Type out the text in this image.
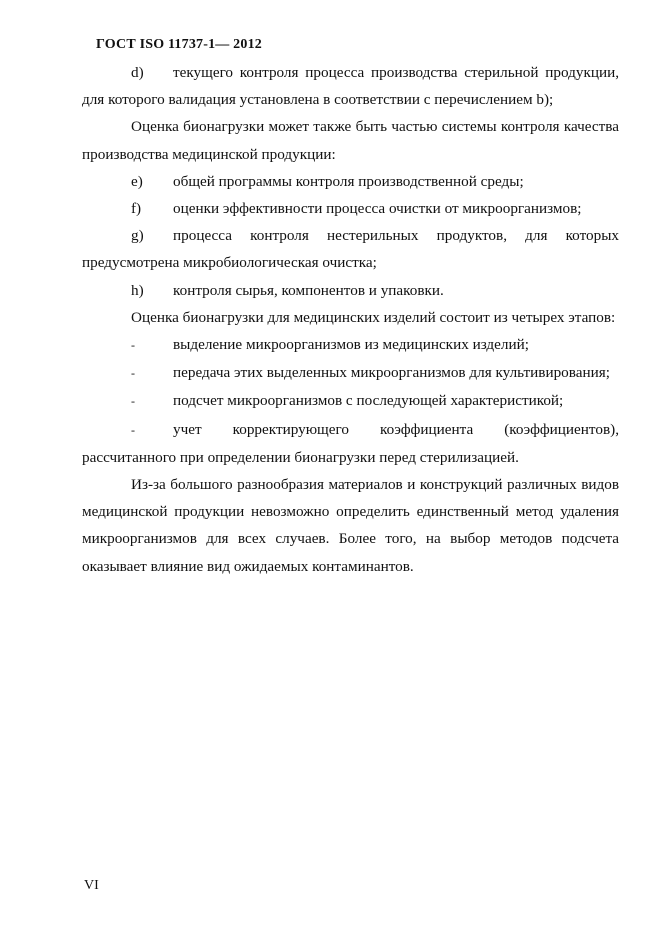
ГОСТ ISO 11737-1— 2012

d) текущего контроля процесса производства стерильной продукции, для которого валидация установлена в соответствии с перечислением b);

Оценка бионагрузки может также быть частью системы контроля качества производства медицинской продукции:

e) общей программы контроля производственной среды;

f) оценки эффективности процесса очистки от микроорганизмов;

g) процесса контроля нестерильных продуктов, для которых предусмотрена микробиологическая очистка;

h) контроля сырья, компонентов и упаковки.

Оценка бионагрузки для медицинских изделий состоит из четырех этапов:

-	выделение микроорганизмов из медицинских изделий;

-	передача этих выделенных микроорганизмов для культивирования;

-	подсчет микроорганизмов с последующей характеристикой;

-	учет корректирующего коэффициента (коэффициентов), рассчитанного при определении бионагрузки перед стерилизацией.

Из-за большого разнообразия материалов и конструкций различных видов медицинской продукции невозможно определить единственный метод удаления микроорганизмов для всех случаев. Более того, на выбор методов подсчета оказывает влияние вид ожидаемых контаминантов.

VI
